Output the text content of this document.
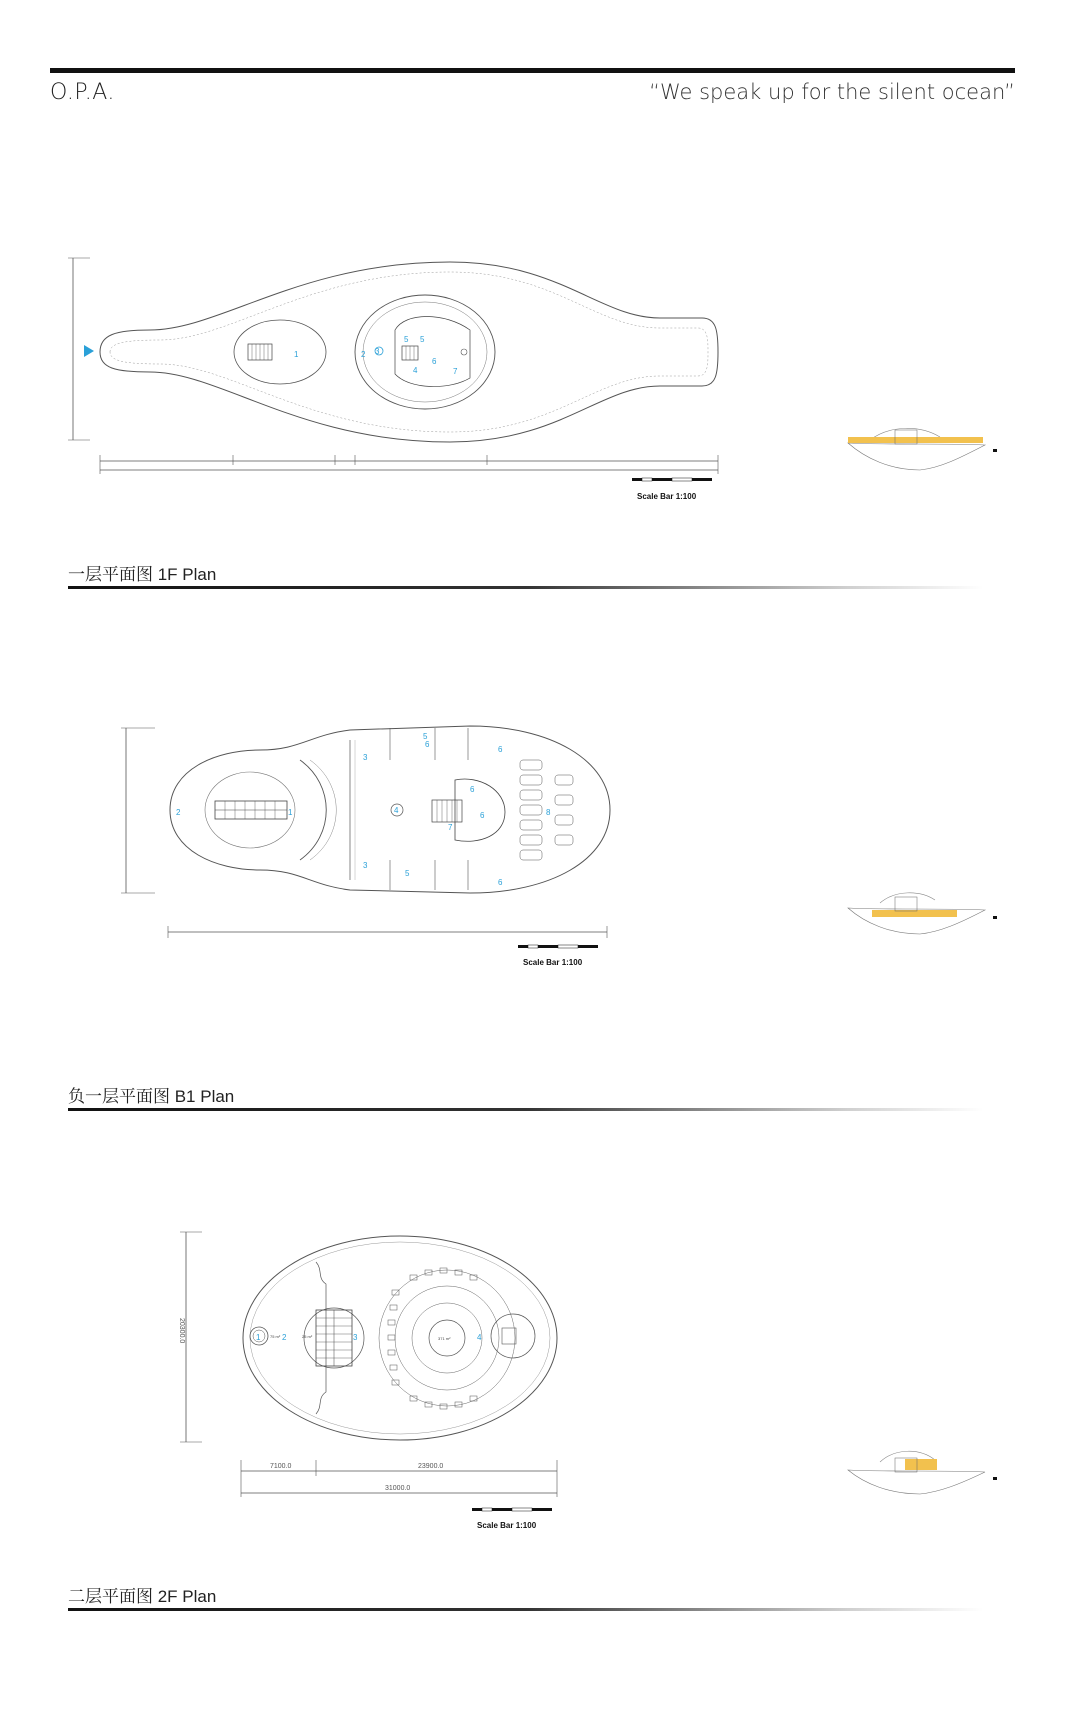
O.P.A.	“We speak up for the silent ocean”
1	2 3
5 5
4
6
7
Scale Bar 1:100
一层平面图 1F Plan
2	1
3
3
4
5
5
6
6
6
6
6
7
8
Scale Bar 1:100
负一层平面图 B1 Plan
1	2	3	4
75 m²	25 m²	371 m²
7100.0	23900.0
31000.0
20300.0
Scale Bar 1:100
二层平面图 2F Plan
